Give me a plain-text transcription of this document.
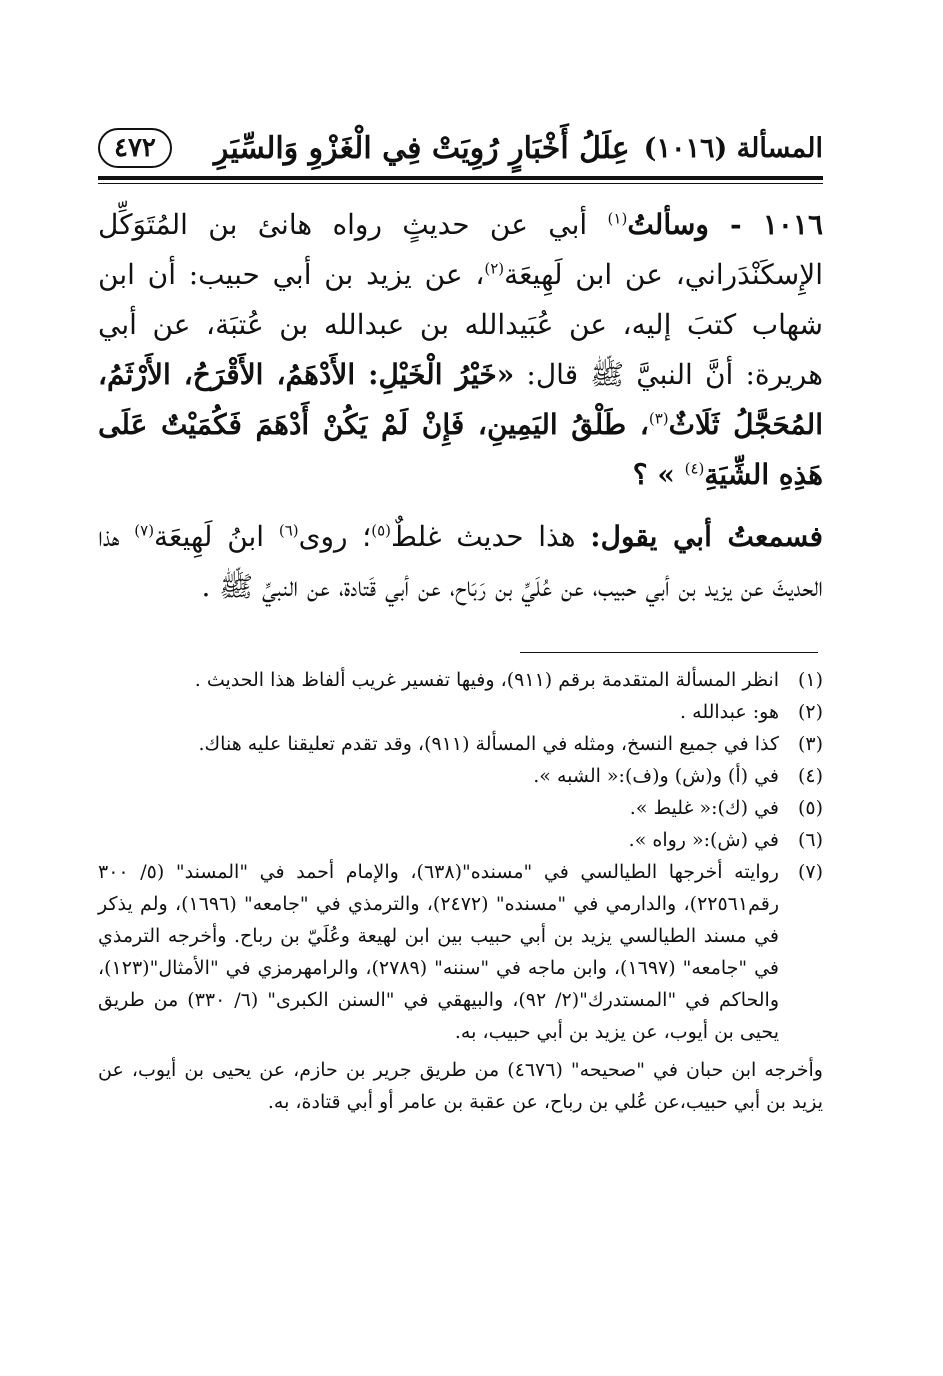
المسألة (١٠١٦)
عِلَلُ أَخْبَارٍ رُوِيَتْ فِي الْغَزْوِ وَالسِّيَرِ
٤٧٢

١٠١٦ - وسألتُ$^{(١)}$ أبي عن حديثٍ رواه هانئ بن المُتَوَكِّل الإِسكَنْدَراني، عن ابن لَهِيعَة$^{(٢)}$، عن يزيد بن أبي حبيب: أن ابن شهاب كتبَ إليه، عن عُبَيدالله بن عبدالله بن عُتبَة، عن أبي هريرة: أنَّ النبيَّ ﷺ قال: «خَيْرُ الْخَيْلِ: الأَدْهَمُ، الأَقْرَحُ، الأَرْثَمُ، المُحَجَّلُ ثَلَاثٌ$^{(٣)}$، طَلْقُ اليَمِينِ، فَإِنْ لَمْ يَكُنْ أَدْهَمَ فَكُمَيْتٌ عَلَى هَذِهِ الشِّيَةِ$^{(٤)}$ » ؟

فسمعتُ أبي يقول: هذا حديث غلطٌ$^{(٥)}$؛ روى$^{(٦)}$ ابنُ لَهِيعَة$^{(٧)}$ هذا الحديثَ عن يزيد بن أبي حبيب، عن عُلَيِّ بن رَبَاح، عن أبي قَتادة، عن النبيِّ ﷺ .

(١)
انظر المسألة المتقدمة برقم (٩١١)، وفيها تفسير غريب ألفاظ هذا الحديث .
(٢)
هو: عبدالله .
(٣)
كذا في جميع النسخ، ومثله في المسألة (٩١١)، وقد تقدم تعليقنا عليه هناك.
(٤)
في (أ) و(ش) و(ف):« الشبه ».
(٥)
في (ك):« غليط ».
(٦)
في (ش):« رواه ».
(٧)
روايته أخرجها الطيالسي في "مسنده"(٦٣٨)، والإمام أحمد في "المسند" (٥/ ٣٠٠ رقم٢٢٥٦١)، والدارمي في "مسنده" (٢٤٧٢)، والترمذي في "جامعه" (١٦٩٦)، ولم يذكر في مسند الطيالسي يزيد بن أبي حبيب بين ابن لهيعة وعُلَيّ بن رباح. وأخرجه الترمذي في "جامعه" (١٦٩٧)، وابن ماجه في "سننه" (٢٧٨٩)، والرامهرمزي في "الأمثال"(١٢٣)، والحاكم في "المستدرك"(٢/ ٩٢)، والبيهقي في "السنن الكبرى" (٦/ ٣٣٠) من طريق يحيى بن أيوب، عن يزيد بن أبي حبيب، به.
وأخرجه ابن حبان في "صحيحه" (٤٦٧٦) من طريق جرير بن حازم، عن يحيى بن أيوب، عن يزيد بن أبي حبيب،عن عُلي بن رباح، عن عقبة بن عامر أو أبي قتادة، به.
